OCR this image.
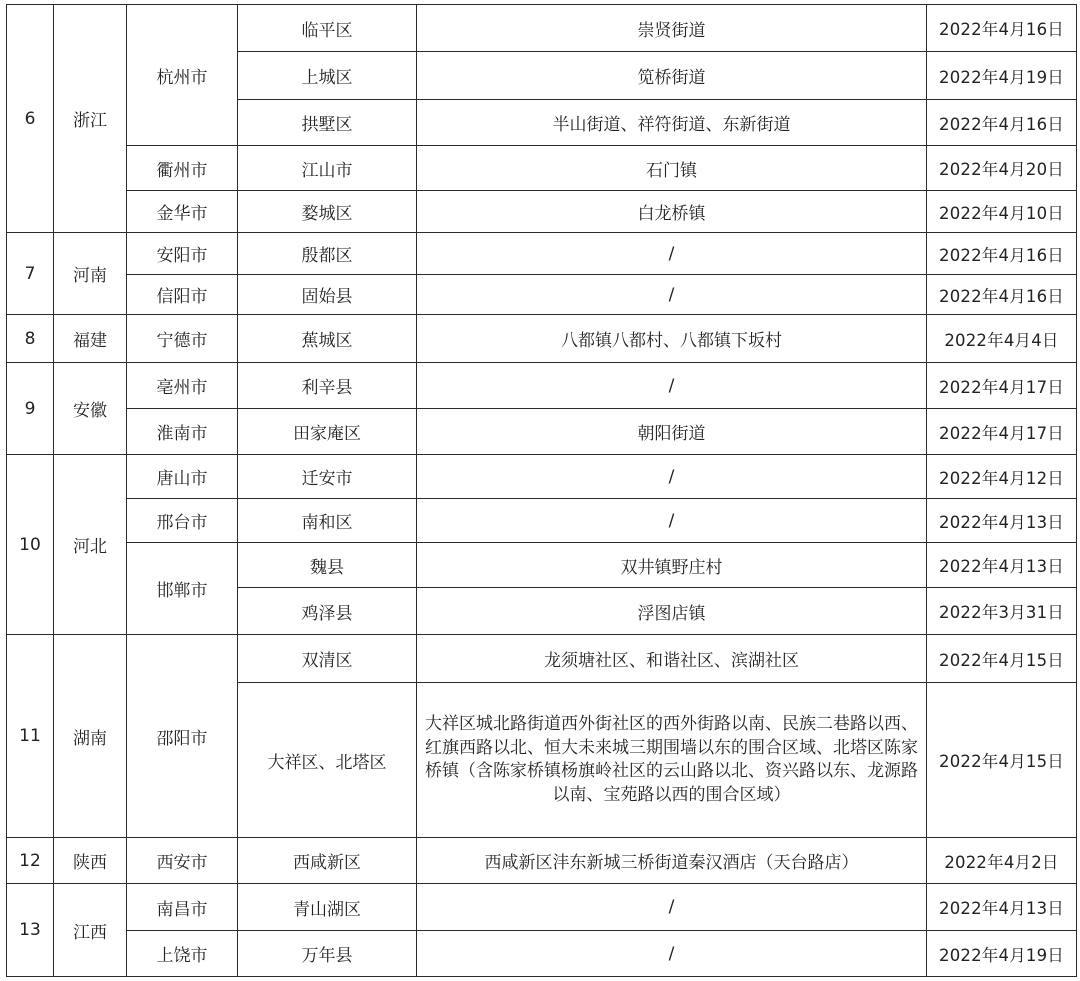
6	浙江	杭州市	临平区	崇贤街道	2022年4月16日
			上城区	笕桥街道	2022年4月19日
			拱墅区	半山街道、祥符街道、东新街道	2022年4月16日
		衢州市	江山市	石门镇	2022年4月20日
		金华市	婺城区	白龙桥镇	2022年4月10日
7	河南	安阳市	殷都区	/	2022年4月16日
		信阳市	固始县	/	2022年4月16日
8	福建	宁德市	蕉城区	八都镇八都村、八都镇下坂村	2022年4月4日
9	安徽	亳州市	利辛县	/	2022年4月17日
		淮南市	田家庵区	朝阳街道	2022年4月17日
10	河北	唐山市	迁安市	/	2022年4月12日
		邢台市	南和区	/	2022年4月13日
		邯郸市	魏县	双井镇野庄村	2022年4月13日
			鸡泽县	浮图店镇	2022年3月31日
11	湖南	邵阳市	双清区	龙须塘社区、和谐社区、滨湖社区	2022年4月15日
			大祥区、北塔区	大祥区城北路街道西外街社区的西外街路以南、民族二巷路以西、红旗西路以北、恒大未来城三期围墙以东的围合区域、北塔区陈家桥镇（含陈家桥镇杨旗岭社区的云山路以北、资兴路以东、龙源路以南、宝苑路以西的围合区域）	2022年4月15日
12	陕西	西安市	西咸新区	西咸新区沣东新城三桥街道秦汉酒店（天台路店）	2022年4月2日
13	江西	南昌市	青山湖区	/	2022年4月13日
		上饶市	万年县	/	2022年4月19日
